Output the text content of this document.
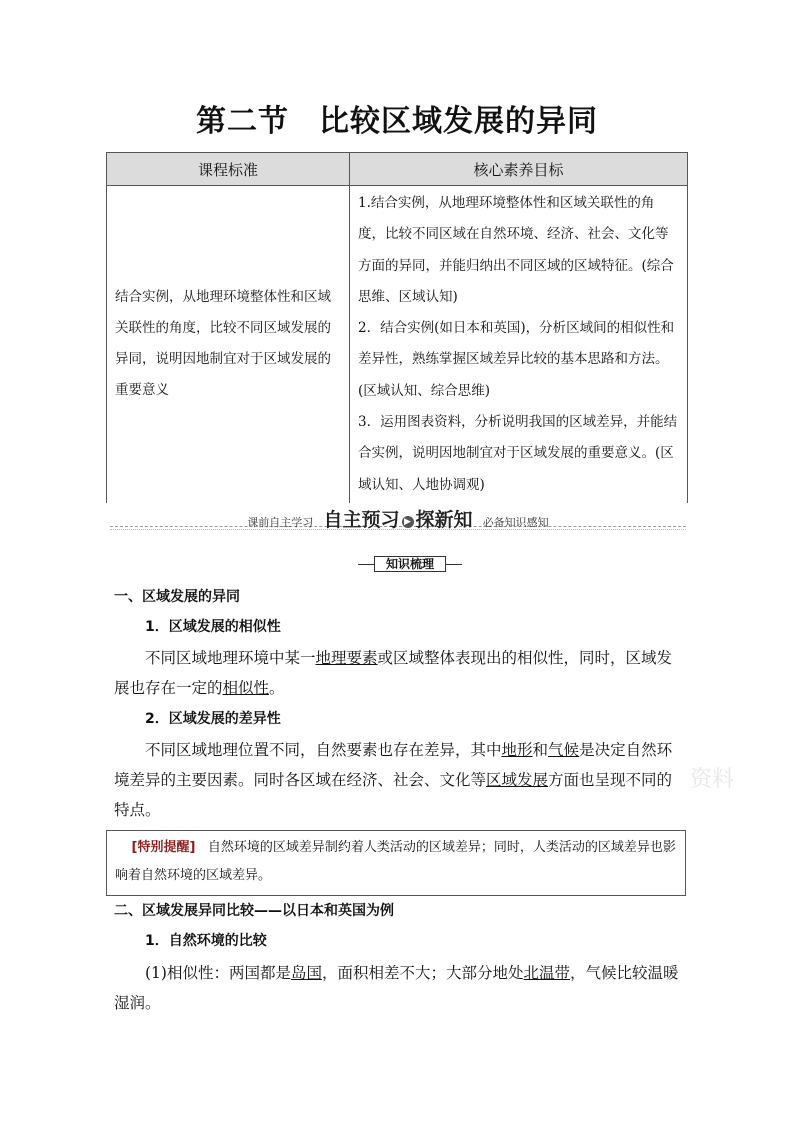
第二节 比较区域发展的异同
课程标准	核心素养目标
结合实例，从地理环境整体性和区域关联性的角度，比较不同区域发展的异同，说明因地制宜对于区域发展的重要意义	1.结合实例，从地理环境整体性和区域关联性的角度，比较不同区域在自然环境、经济、社会、文化等方面的异同，并能归纳出不同区域的区域特征。(综合思维、区域认知)
2．结合实例(如日本和英国)，分析区域间的相似性和差异性，熟练掌握区域差异比较的基本思路和方法。(区域认知、综合思维)
3．运用图表资料，分析说明我国的区域差异，并能结合实例，说明因地制宜对于区域发展的重要意义。(区域认知、人地协调观)
课前自主学习 自主预习 ▶ 探新知 必备知识感知
知识梳理
一、区域发展的异同
1．区域发展的相似性
不同区域地理环境中某一地理要素或区域整体表现出的相似性，同时，区域发展也存在一定的相似性。
2．区域发展的差异性
不同区域地理位置不同，自然要素也存在差异，其中地形和气候是决定自然环境差异的主要因素。同时各区域在经济、社会、文化等区域发展方面也呈现不同的特点。
资料
[特别提醒] 自然环境的区域差异制约着人类活动的区域差异；同时，人类活动的区域差异也影响着自然环境的区域差异。
二、区域发展异同比较——以日本和英国为例
1．自然环境的比较
(1)相似性：两国都是岛国，面积相差不大；大部分地处北温带，气候比较温暖湿润。
